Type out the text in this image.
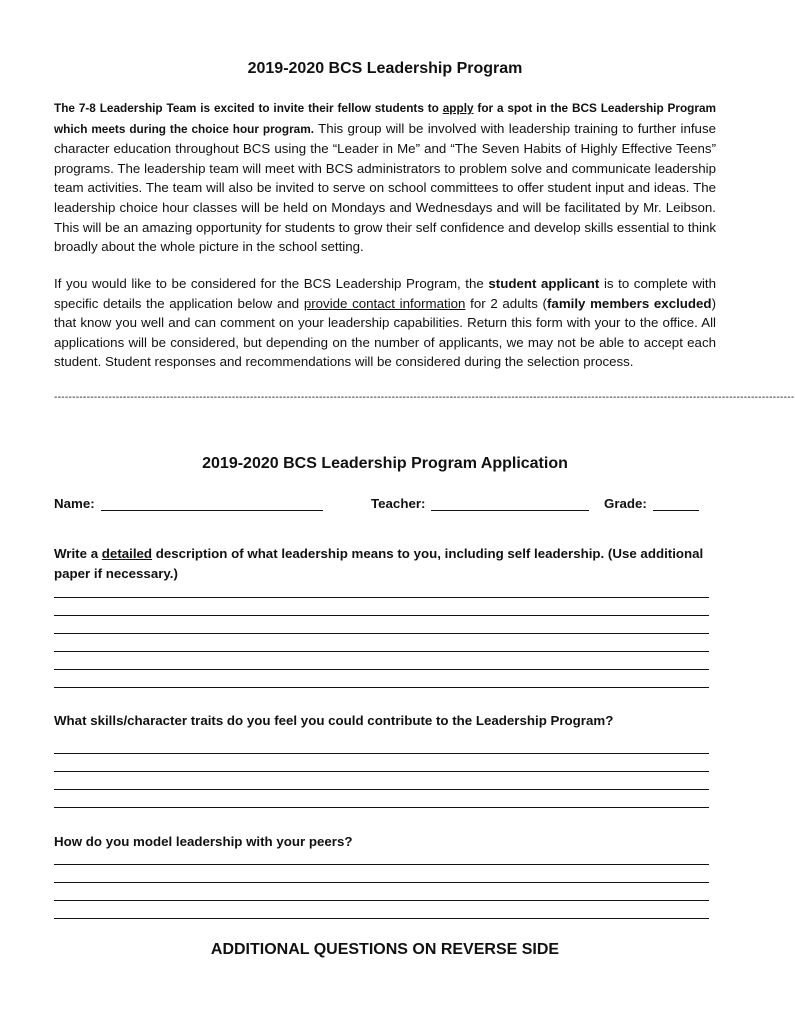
2019-2020 BCS Leadership Program
The 7-8 Leadership Team is excited to invite their fellow students to apply for a spot in the BCS Leadership Program which meets during the choice hour program. This group will be involved with leadership training to further infuse character education throughout BCS using the “Leader in Me” and “The Seven Habits of Highly Effective Teens” programs. The leadership team will meet with BCS administrators to problem solve and communicate leadership team activities. The team will also be invited to serve on school committees to offer student input and ideas. The leadership choice hour classes will be held on Mondays and Wednesdays and will be facilitated by Mr. Leibson. This will be an amazing opportunity for students to grow their self confidence and develop skills essential to think broadly about the whole picture in the school setting.
If you would like to be considered for the BCS Leadership Program, the student applicant is to complete with specific details the application below and provide contact information for 2 adults (family members excluded) that know you well and can comment on your leadership capabilities. Return this form with your to the office. All applications will be considered, but depending on the number of applicants, we may not be able to accept each student. Student responses and recommendations will be considered during the selection process.
------------------------------------------------------------------------------------------------------------------------------------------------------------------------------------------------------------
2019-2020 BCS Leadership Program Application
Name:	Teacher:	Grade:
Write a detailed description of what leadership means to you, including self leadership. (Use additional paper if necessary.)
What skills/character traits do you feel you could contribute to the Leadership Program?
How do you model leadership with your peers?
ADDITIONAL QUESTIONS ON REVERSE SIDE
